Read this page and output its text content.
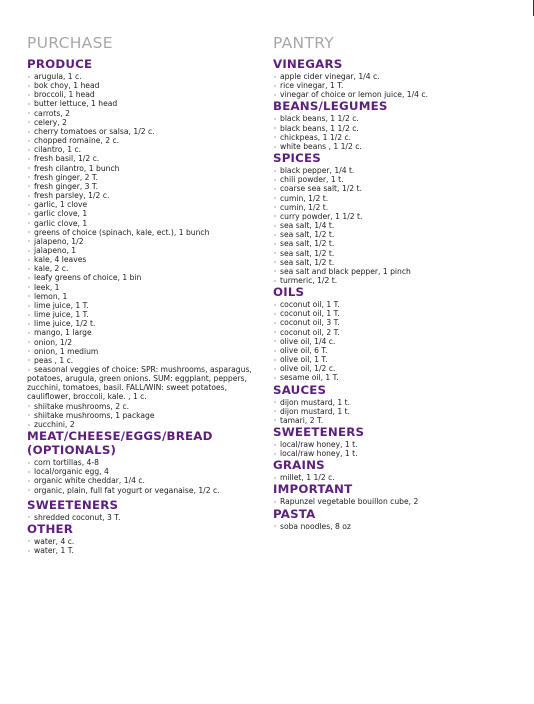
PURCHASE
PRODUCE
arugula, 1 c.
bok choy, 1 head
broccoli, 1 head
butter lettuce, 1 head
carrots, 2
celery, 2
cherry tomatoes or salsa, 1/2 c.
chopped romaine, 2 c.
cilantro, 1 c.
fresh basil, 1/2 c.
fresh cilantro, 1 bunch
fresh ginger, 2 T.
fresh ginger, 3 T.
fresh parsley, 1/2 c.
garlic, 1 clove
garlic clove, 1
garlic clove, 1
greens of choice (spinach, kale, ect.), 1 bunch
jalapeno, 1/2
jalapeno, 1
kale, 4 leaves
kale, 2 c.
leafy greens of choice, 1 bin
leek, 1
lemon, 1
lime juice, 1 T.
lime juice, 1 T.
lime juice, 1/2 t.
mango, 1 large
onion, 1/2
onion, 1 medium
peas , 1 c.
seasonal veggies of choice: SPR: mushrooms, asparagus,
potatoes, arugula, green onions. SUM: eggplant, peppers,
zucchini, tomatoes, basil. FALL/WIN: sweet potatoes,
cauliflower, broccoli, kale. , 1 c.
shiitake mushrooms, 2 c.
shiitake mushrooms, 1 package
zucchini, 2
MEAT/CHEESE/EGGS/BREAD
(OPTIONALS)
corn tortillas, 4-8
local/organic egg, 4
organic white cheddar, 1/4 c.
organic, plain, full fat yogurt or veganaise, 1/2 c.
SWEETENERS
shredded coconut, 3 T.
OTHER
water, 4 c.
water, 1 T.
PANTRY
VINEGARS
apple cider vinegar, 1/4 c.
rice vinegar, 1 T.
vinegar of choice or lemon juice, 1/4 c.
BEANS/LEGUMES
black beans, 1 1/2 c.
black beans, 1 1/2 c.
chickpeas, 1 1/2 c.
white beans , 1 1/2 c.
SPICES
black pepper, 1/4 t.
chili powder, 1 t.
coarse sea salt, 1/2 t.
cumin, 1/2 t.
cumin, 1/2 t.
curry powder, 1 1/2 t.
sea salt, 1/4 t.
sea salt, 1/2 t.
sea salt, 1/2 t.
sea salt, 1/2 t.
sea salt, 1/2 t.
sea salt and black pepper, 1 pinch
turmeric, 1/2 t.
OILS
coconut oil, 1 T.
coconut oil, 1 T.
coconut oil, 3 T.
coconut oil, 2 T.
olive oil, 1/4 c.
olive oil, 6 T.
olive oil, 1 T.
olive oil, 1/2 c.
sesame oil, 1 T.
SAUCES
dijon mustard, 1 t.
dijon mustard, 1 t.
tamari, 2 T.
SWEETENERS
local/raw honey, 1 t.
local/raw honey, 1 t.
GRAINS
millet, 1 1/2 c.
IMPORTANT
Rapunzel vegetable bouillon cube, 2
PASTA
soba noodles, 8 oz
